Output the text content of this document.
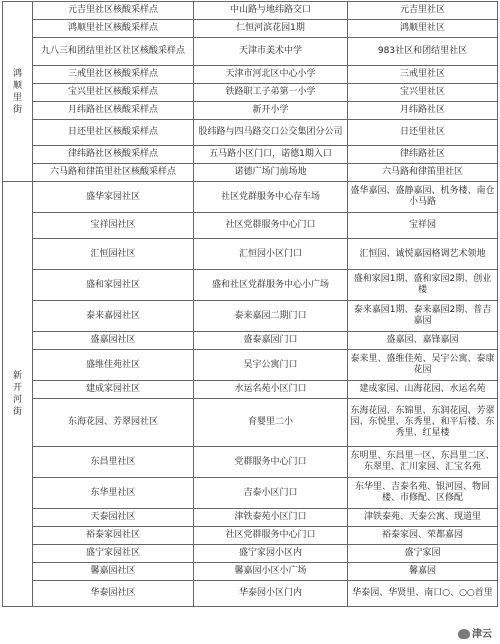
鸿顺里街	元吉里社区核酸采样点	中山路与地纬路交口	元吉里社区
	鸿顺里社区核酸采样点	仁恒河滨花园1期	鸿顺里社区
	九八三和团结里社区社区核酸采样点	天津市美术中学	983社区和团结里社区
	三戒里社区核酸采样点	天津市河北区中心小学	三戒里社区
	宝兴里社区核酸采样点	铁路职工子弟第一小学	宝兴里社区
	月纬路社区核酸采样点	新开小学	月纬路社区
	日还里社区核酸采样点	股纬路与四马路交口公交集团分公司	日还里社区
	律纬路社区核酸采样点	五马路小区门口，诺德1期入口	律纬路社区
	六马路和律笛里社区核酸采样点	诺德广场门前场地	六马路和律笛里社区
新开河街	盛华家园社区	社区党群服务中心存车场	盛华嘉园、盛静嘉园、机务楼、南仓小马路
	宝祥园社区	社区党群服务中心门口	宝祥园
	汇恒园社区	汇恒园小区门口	汇恒园、诚悦嘉园格调艺术领地
	盛和家园社区	盛和社区党群服务中心小广场	盛和家园1期、盛和家园2期、创业楼
	泰来嘉园社区	泰来嘉园二期门口	泰来嘉园1期、泰来嘉园2期、普吉嘉园
	盛嘉园社区	盛泰嘉园门口	盛嘉园、嘉锋嘉园
	盛维佳苑社区	吴宇公寓门口	泰来里、盛维佳苑、吴宇公寓、泰康花园
	建成家园社区	水运名苑小区门口	建成家园、山海花园、水运名苑
	东海花园、芳翠园社区	育婴里二小	东海花园、东锦里、东润花园、芳翠园、东悦里、东秀里、和平后楼、东秀里、红星楼
	东昌里社区	党群服务中心门口	东明里、东昌里一区、东昌里二区、东翠里、汇川家园、汇宝名苑
	东华里社区	吉泰小区门口	东华里、吉泰名苑、银河园、物回楼、市修配、区修配
	天泰园社区	津铁泰苑小区门口	津铁泰苑、天泰公寓、现道里
	裕泰家园社区	社区党群服务中心门口	裕泰家园、荣都嘉园
	盛宁家园社区	盛宁家园小区内	盛宁家园
	馨嘉园社区	馨嘉园小区小广场	馨嘉园
	华泰园社区	华泰园小区门内	华泰园、华贤里、南口○、○○首里
津云
